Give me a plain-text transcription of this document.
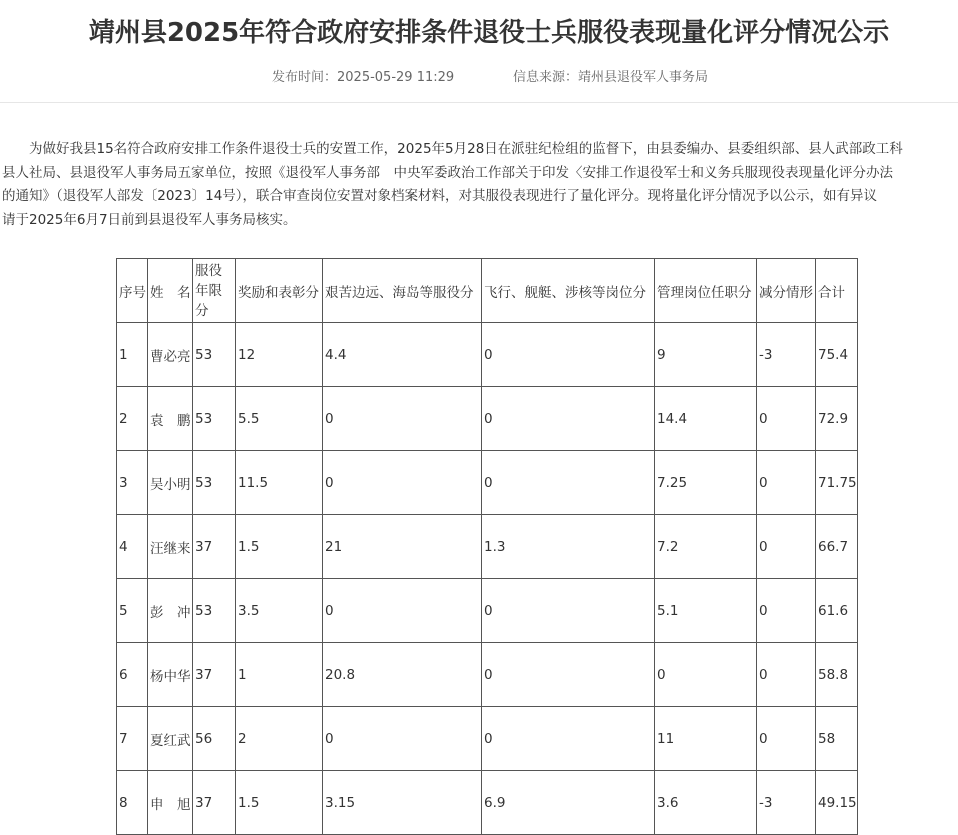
靖州县2025年符合政府安排条件退役士兵服役表现量化评分情况公示
发布时间：2025-05-29 11:29	信息来源：靖州县退役军人事务局
为做好我县15名符合政府安排工作条件退役士兵的安置工作，2025年5月28日在派驻纪检组的监督下，由县委编办、县委组织部、县人武部政工科
县人社局、县退役军人事务局五家单位，按照《退役军人事务部　中央军委政治工作部关于印发〈安排工作退役军士和义务兵服现役表现量化评分办法
的通知》（退役军人部发〔2023〕14号），联合审查岗位安置对象档案材料，对其服役表现进行了量化评分。现将量化评分情况予以公示，如有异议
请于2025年6月7日前到县退役军人事务局核实。
序号	姓　名	服役年限分	奖励和表彰分	艰苦边远、海岛等服役分	飞行、舰艇、涉核等岗位分	管理岗位任职分	减分情形	合计
1	曹必亮	53	12	4.4	0	9	-3	75.4
2	袁　鹏	53	5.5	0	0	14.4	0	72.9
3	吴小明	53	11.5	0	0	7.25	0	71.75
4	汪继来	37	1.5	21	1.3	7.2	0	66.7
5	彭　冲	53	3.5	0	0	5.1	0	61.6
6	杨中华	37	1	20.8	0	0	0	58.8
7	夏红武	56	2	0	0	11	0	58
8	申　旭	37	1.5	3.15	6.9	3.6	-3	49.15
